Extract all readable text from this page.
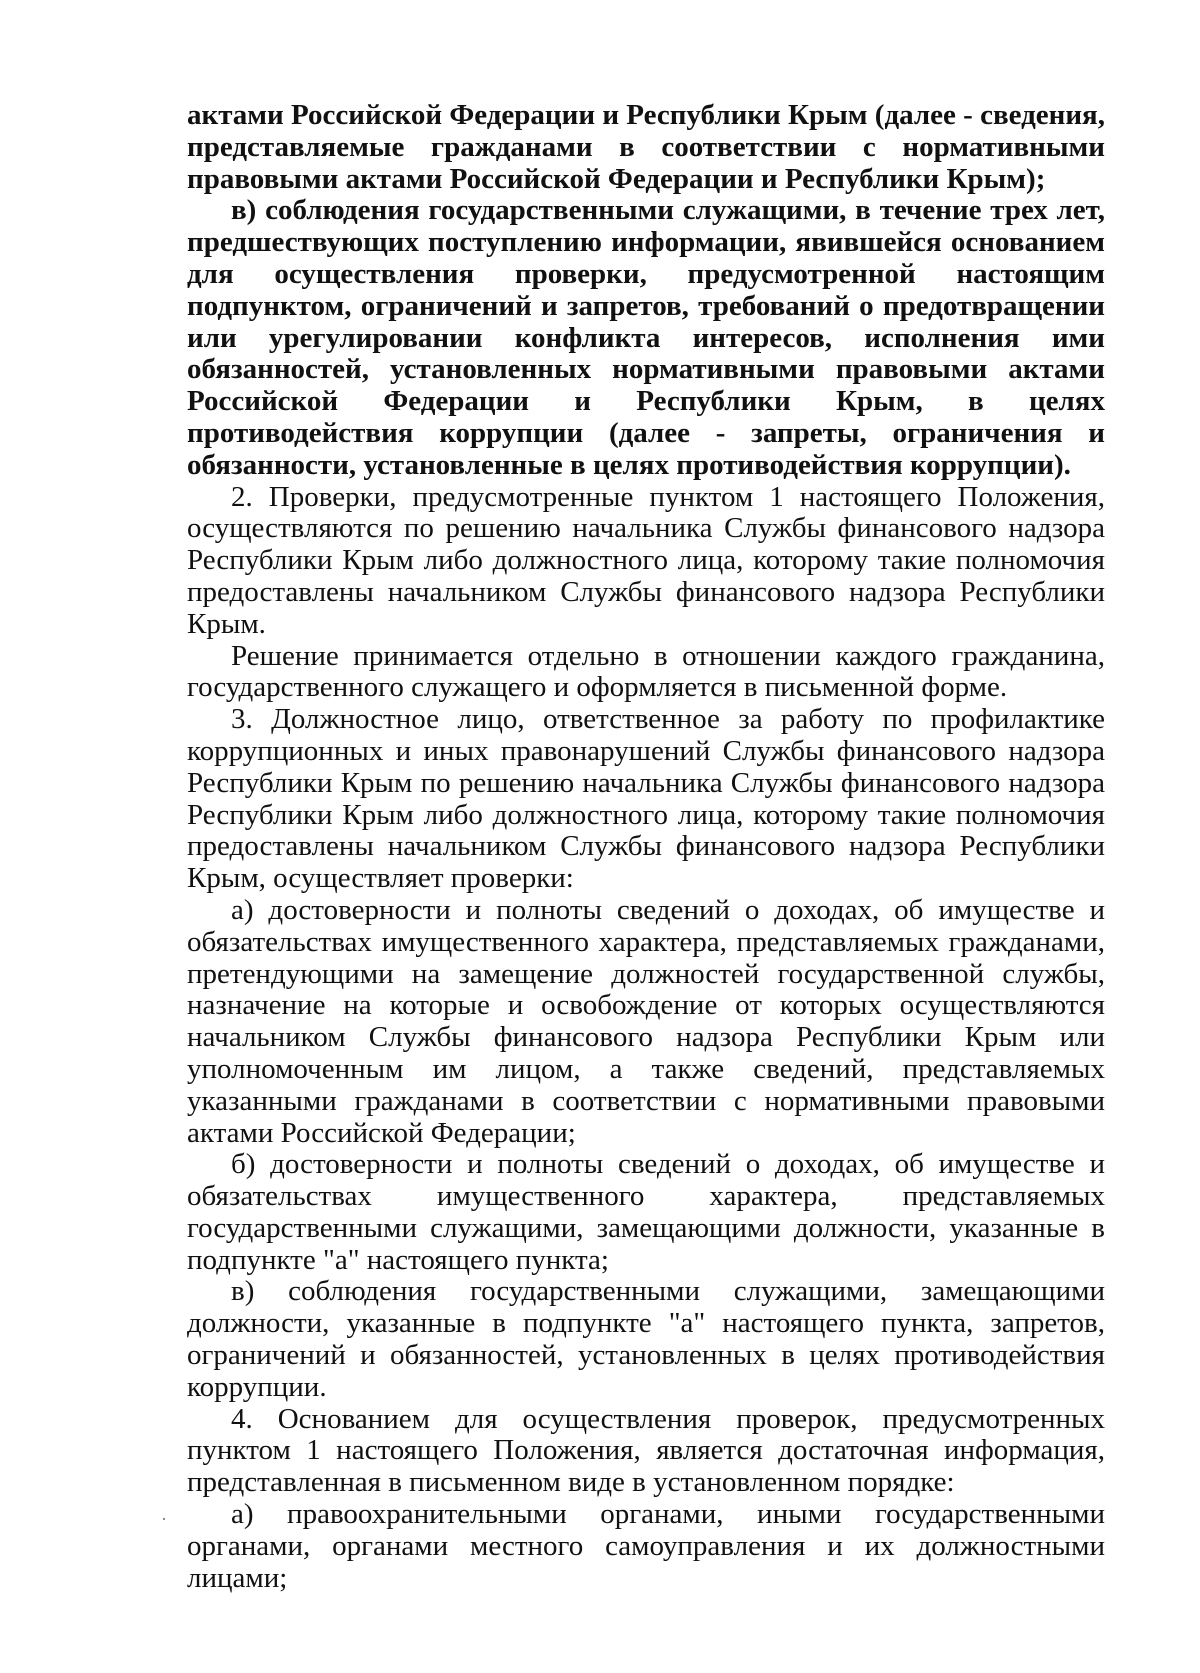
актами Российской Федерации и Республики Крым (далее - сведения, представляемые гражданами в соответствии с нормативными правовыми актами Российской Федерации и Республики Крым);

в) соблюдения государственными служащими, в течение трех лет, предшествующих поступлению информации, явившейся основанием для осуществления проверки, предусмотренной настоящим подпунктом, ограничений и запретов, требований о предотвращении или урегулировании конфликта интересов, исполнения ими обязанностей, установленных нормативными правовыми актами Российской Федерации и Республики Крым, в целях противодействия коррупции (далее - запреты, ограничения и обязанности, установленные в целях противодействия коррупции).

2. Проверки, предусмотренные пунктом 1 настоящего Положения, осуществляются по решению начальника Службы финансового надзора Республики Крым либо должностного лица, которому такие полномочия предоставлены начальником Службы финансового надзора Республики Крым.

Решение принимается отдельно в отношении каждого гражданина, государственного служащего и оформляется в письменной форме.

3. Должностное лицо, ответственное за работу по профилактике коррупционных и иных правонарушений Службы финансового надзора Республики Крым по решению начальника Службы финансового надзора Республики Крым либо должностного лица, которому такие полномочия предоставлены начальником Службы финансового надзора Республики Крым, осуществляет проверки:

а) достоверности и полноты сведений о доходах, об имуществе и обязательствах имущественного характера, представляемых гражданами, претендующими на замещение должностей государственной службы, назначение на которые и освобождение от которых осуществляются начальником Службы финансового надзора Республики Крым или уполномоченным им лицом, а также сведений, представляемых указанными гражданами в соответствии с нормативными правовыми актами Российской Федерации;

б) достоверности и полноты сведений о доходах, об имуществе и обязательствах имущественного характера, представляемых государственными служащими, замещающими должности, указанные в подпункте "а" настоящего пункта;

в) соблюдения государственными служащими, замещающими должности, указанные в подпункте "а" настоящего пункта, запретов, ограничений и обязанностей, установленных в целях противодействия коррупции.

4. Основанием для осуществления проверок, предусмотренных пунктом 1 настоящего Положения, является достаточная информация, представленная в письменном виде в установленном порядке:

а) правоохранительными органами, иными государственными органами, органами местного самоуправления и их должностными лицами;
